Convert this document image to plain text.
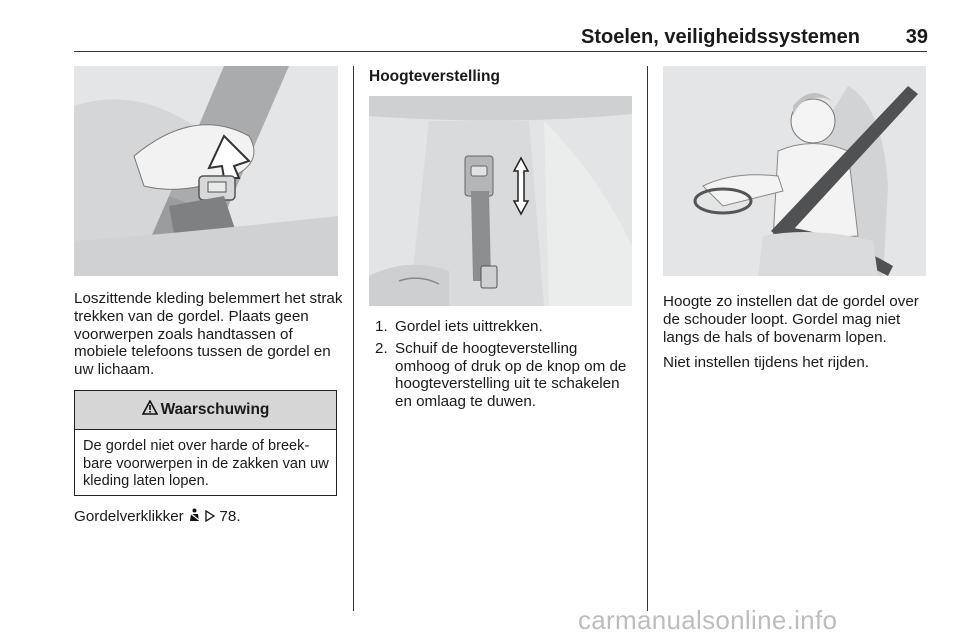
Stoelen, veiligheidssystemen	39
Loszittende kleding belemmert het strak trekken van de gordel. Plaats geen voorwerpen zoals handtassen of mobiele telefoons tussen de gordel en uw lichaam.
Waarschuwing
De gordel niet over harde of breek-bare voorwerpen in de zakken van uw kleding laten lopen.
Gordelverklikker 78.
Hoogteverstelling
1. Gordel iets uittrekken.
2. Schuif de hoogteverstelling omhoog of druk op de knop om de hoogteverstelling uit te schakelen en omlaag te duwen.

Hoogte zo instellen dat de gordel over de schouder loopt. Gordel mag niet langs de hals of bovenarm lopen.

Niet instellen tijdens het rijden.

carmanualsonline.info
